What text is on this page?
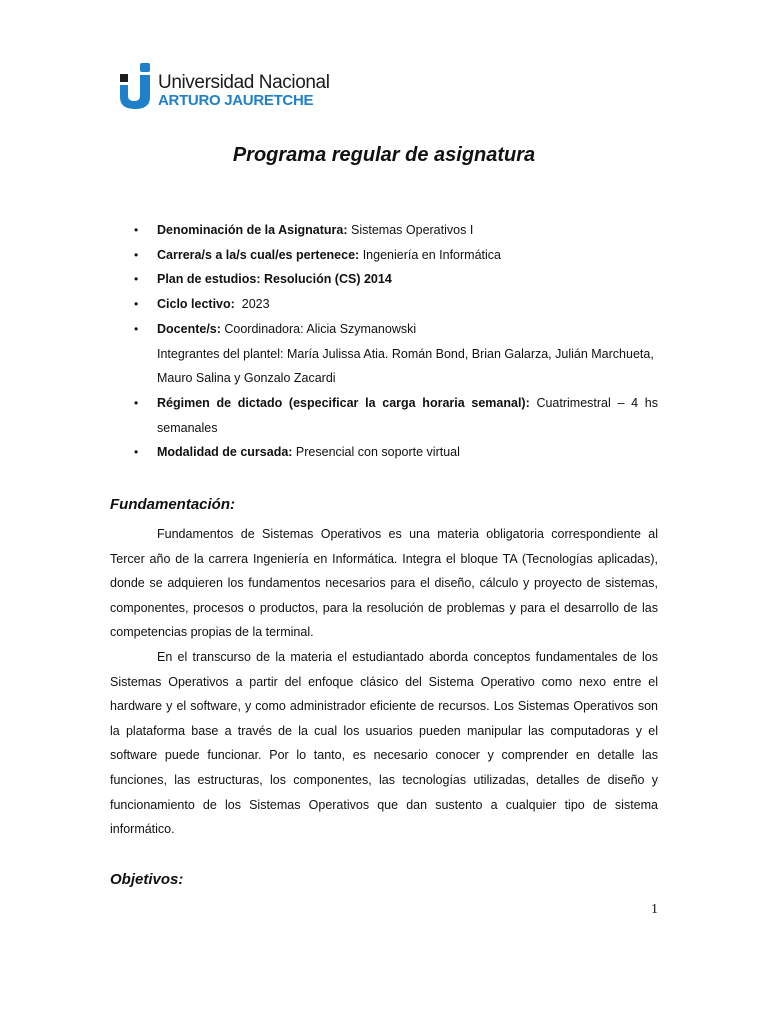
Universidad Nacional
ARTURO JAURETCHE
Programa regular de asignatura
• Denominación de la Asignatura: Sistemas Operativos I
• Carrera/s a la/s cual/es pertenece: Ingeniería en Informática
• Plan de estudios: Resolución (CS) 2014
• Ciclo lectivo:  2023
• Docente/s: Coordinadora: Alicia Szymanowski
Integrantes del plantel: María Julissa Atia. Román Bond, Brian Galarza, Julián Marchueta,
Mauro Salina y Gonzalo Zacardi
• Régimen de dictado (especificar la carga horaria semanal): Cuatrimestral – 4 hs semanales
• Modalidad de cursada: Presencial con soporte virtual
Fundamentación:

Fundamentos de Sistemas Operativos es una materia obligatoria correspondiente al Tercer año de la carrera Ingeniería en Informática. Integra el bloque TA (Tecnologías aplicadas), donde se adquieren los fundamentos necesarios para el diseño, cálculo y proyecto de sistemas, componentes, procesos o productos, para la resolución de problemas y para el desarrollo de las competencias propias de la terminal.

En el transcurso de la materia el estudiantado aborda conceptos fundamentales de los Sistemas Operativos a partir del enfoque clásico del Sistema Operativo como nexo entre el hardware y el software, y como administrador eficiente de recursos. Los Sistemas Operativos son la plataforma base a través de la cual los usuarios pueden manipular las computadoras y el software puede funcionar. Por lo tanto, es necesario conocer y comprender en detalle las funciones, las estructuras, los componentes, las tecnologías utilizadas, detalles de diseño y funcionamiento de los Sistemas Operativos que dan sustento a cualquier tipo de sistema informático.

Objetivos:
1
